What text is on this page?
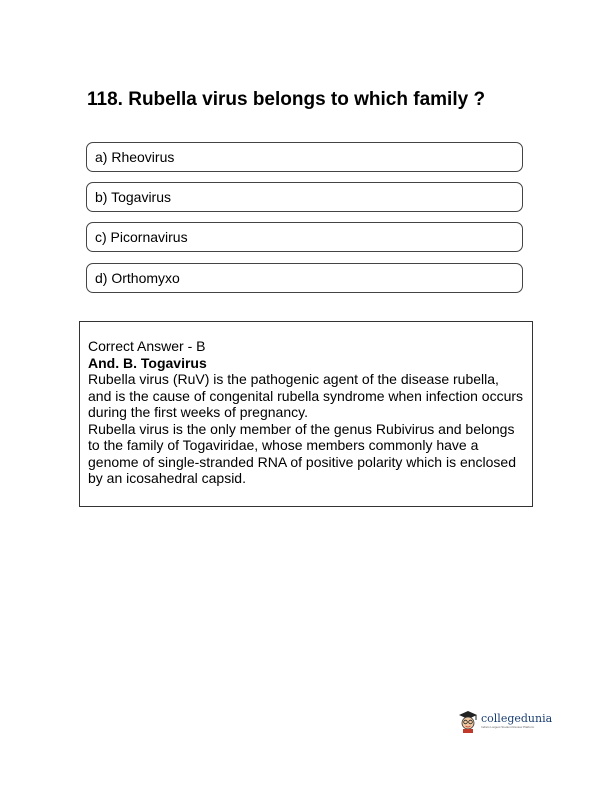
118. Rubella virus belongs to which family ?
a) Rheovirus
b) Togavirus
c) Picornavirus
d) Orthomyxo
Correct Answer - B
And. B. Togavirus

Rubella virus (RuV) is the pathogenic agent of the disease rubella, and is the cause of congenital rubella syndrome when infection occurs during the first weeks of pregnancy.

Rubella virus is the only member of the genus Rubivirus and belongs to the family of Togaviridae, whose members commonly have a genome of single-stranded RNA of positive polarity which is enclosed by an icosahedral capsid.

collegedunia
India's Largest Student Review Platform
